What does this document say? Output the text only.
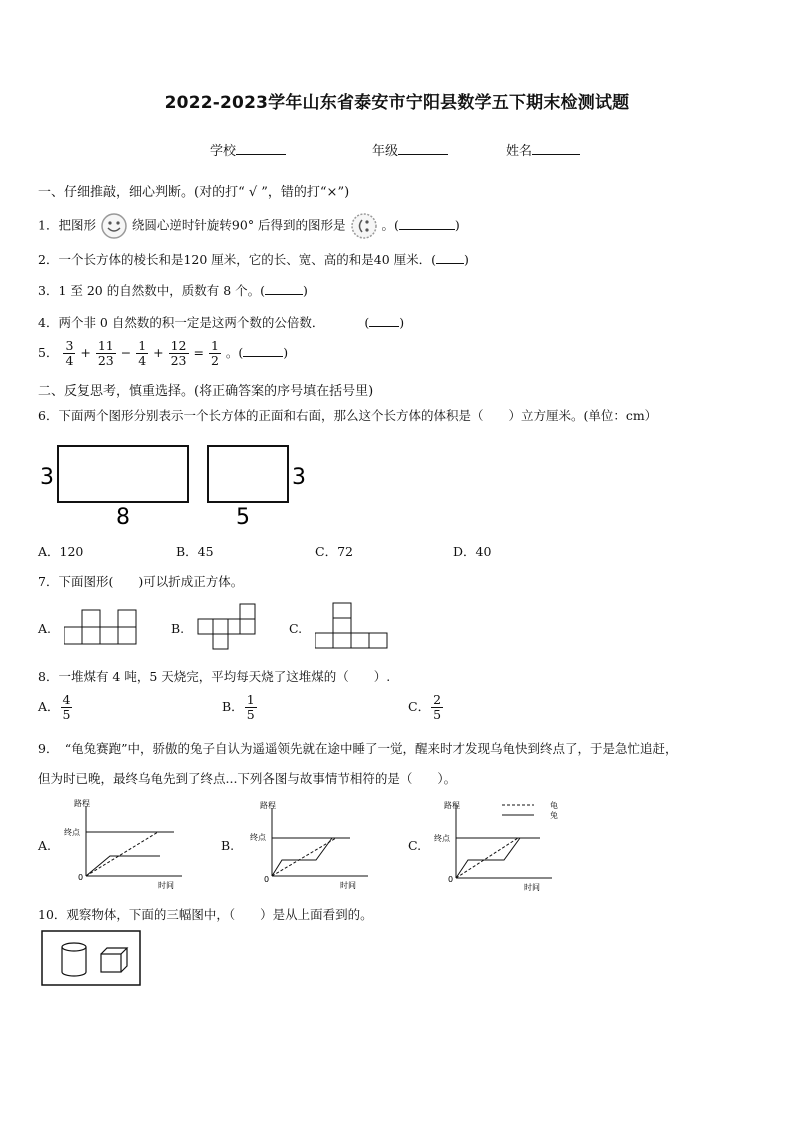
2022-2023学年山东省泰安市宁阳县数学五下期末检测试题
学校	年级	姓名
一、仔细推敲，细心判断。(对的打“ √ ”，错的打“×”)
1．把图形	绕圆心逆时针旋转90° 后得到的图形是	。(	)
2．一个长方体的棱长和是120 厘米，它的长、宽、高的和是40 厘米．( )
3．1 至 20 的自然数中，质数有 8 个。(	)
4．两个非 0 自然数的积一定是这两个数的公倍数．	( )
5． $\frac{3}{4} + \frac{11}{23} - \frac{1}{4} + \frac{12}{23} = \frac{1}{2}$ 。(	)
二、反复思考，慎重选择。(将正确答案的序号填在括号里)
6．下面两个图形分别表示一个长方体的正面和右面，那么这个长方体的体积是（　　）立方厘米。(单位：cm）
3
8
3
5
A．120	B．45	C．72	D．40
7．下面图形(　　)可以折成正方体。
A.	B.	C.
8．一堆煤有 4 吨，5 天烧完，平均每天烧了这堆煤的（　　）.
A． $\frac{4}{5}$	B． $\frac{1}{5}$	C． $\frac{2}{5}$
9．　“龟兔赛跑”中，骄傲的兔子自认为遥遥领先就在途中睡了一觉，醒来时才发现乌龟快到终点了，于是急忙追赶，
但为时已晚，最终乌龟先到了终点...下列各图与故事情节相符的是（　　）。
A.
路程
终点
0
时间
B.
路程
终点
0
时间
C.
路程
终点
0
时间
龟
兔
10．观察物体，下面的三幅图中，（　　）是从上面看到的。
